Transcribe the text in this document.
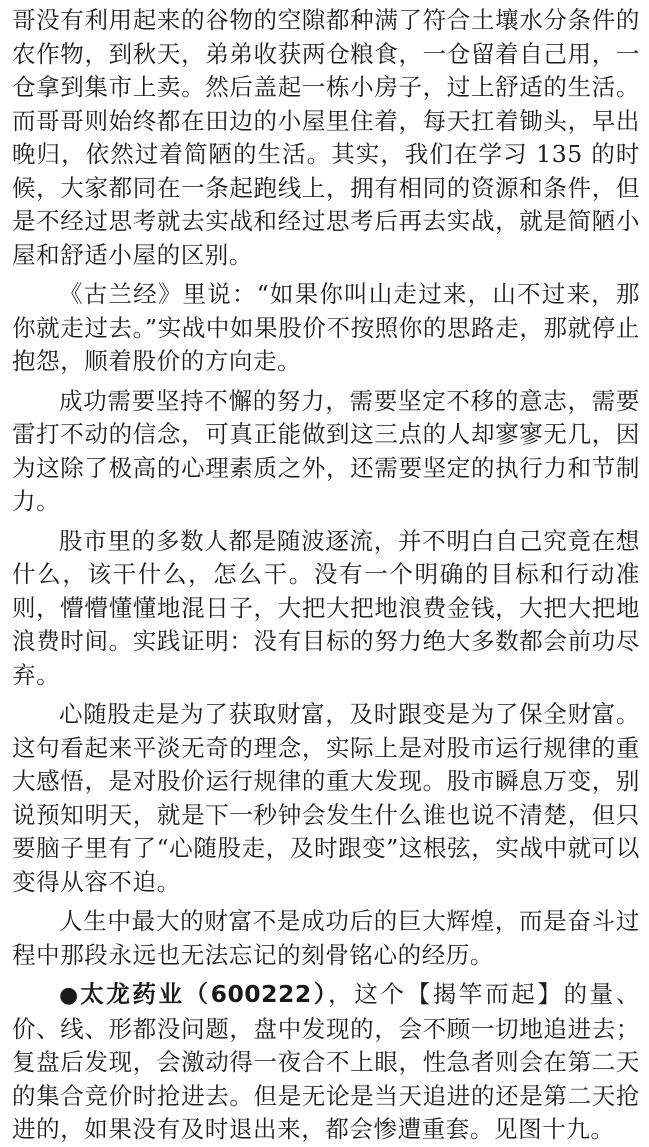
哥没有利用起来的谷物的空隙都种满了符合土壤水分条件的农作物，到秋天，弟弟收获两仓粮食，一仓留着自己用，一仓拿到集市上卖。然后盖起一栋小房子，过上舒适的生活。而哥哥则始终都在田边的小屋里住着，每天扛着锄头，早出晚归，依然过着简陋的生活。其实，我们在学习 135 的时候，大家都同在一条起跑线上，拥有相同的资源和条件，但是不经过思考就去实战和经过思考后再去实战，就是简陋小屋和舒适小屋的区别。

《古兰经》里说：“如果你叫山走过来，山不过来，那你就走过去。”实战中如果股价不按照你的思路走，那就停止抱怨，顺着股价的方向走。

成功需要坚持不懈的努力，需要坚定不移的意志，需要雷打不动的信念，可真正能做到这三点的人却寥寥无几，因为这除了极高的心理素质之外，还需要坚定的执行力和节制力。

股市里的多数人都是随波逐流，并不明白自己究竟在想什么，该干什么，怎么干。没有一个明确的目标和行动准则，懵懵懂懂地混日子，大把大把地浪费金钱，大把大把地浪费时间。实践证明：没有目标的努力绝大多数都会前功尽弃。

心随股走是为了获取财富，及时跟变是为了保全财富。这句看起来平淡无奇的理念，实际上是对股市运行规律的重大感悟，是对股价运行规律的重大发现。股市瞬息万变，别说预知明天，就是下一秒钟会发生什么谁也说不清楚，但只要脑子里有了“心随股走，及时跟变”这根弦，实战中就可以变得从容不迫。

人生中最大的财富不是成功后的巨大辉煌，而是奋斗过程中那段永远也无法忘记的刻骨铭心的经历。

●太龙药业（600222），这个【揭竿而起】的量、价、线、形都没问题，盘中发现的，会不顾一切地追进去；复盘后发现，会激动得一夜合不上眼，性急者则会在第二天的集合竞价时抢进去。但是无论是当天追进的还是第二天抢进的，如果没有及时退出来，都会惨遭重套。见图十九。
